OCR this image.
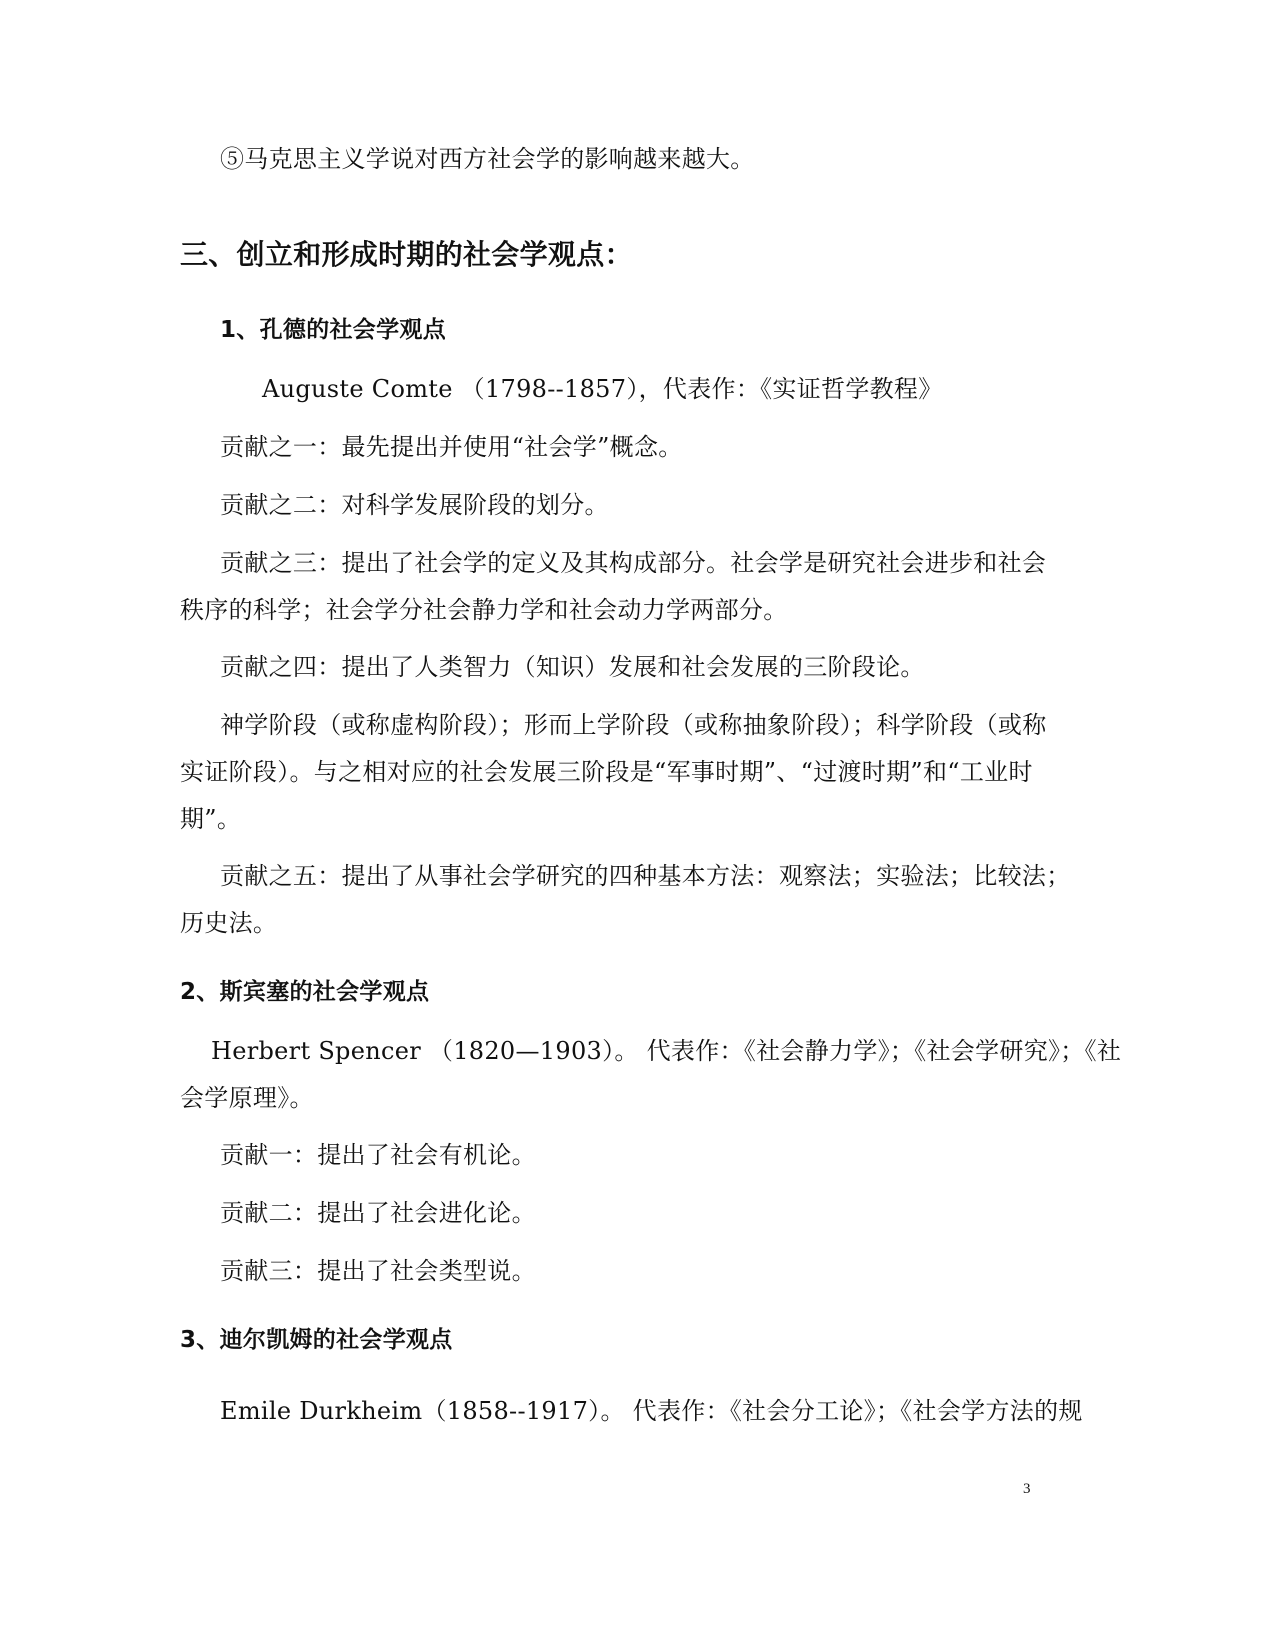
⑤马克思主义学说对西方社会学的影响越来越大。
三、创立和形成时期的社会学观点：
1、孔德的社会学观点
Auguste Comte （1798--1857），代表作：《实证哲学教程》
贡献之一：最先提出并使用“社会学”概念。
贡献之二：对科学发展阶段的划分。
贡献之三：提出了社会学的定义及其构成部分。社会学是研究社会进步和社会
秩序的科学；社会学分社会静力学和社会动力学两部分。
贡献之四：提出了人类智力（知识）发展和社会发展的三阶段论。
神学阶段（或称虚构阶段）；形而上学阶段（或称抽象阶段）；科学阶段（或称
实证阶段）。与之相对应的社会发展三阶段是“军事时期”、“过渡时期”和“工业时
期”。
贡献之五：提出了从事社会学研究的四种基本方法：观察法；实验法；比较法；
历史法。
2、斯宾塞的社会学观点
Herbert Spencer （1820—1903）。 代表作：《社会静力学》；《社会学研究》；《社
会学原理》。
贡献一：提出了社会有机论。
贡献二：提出了社会进化论。
贡献三：提出了社会类型说。
3、迪尔凯姆的社会学观点
Emile Durkheim（1858--1917）。 代表作：《社会分工论》；《社会学方法的规
3
